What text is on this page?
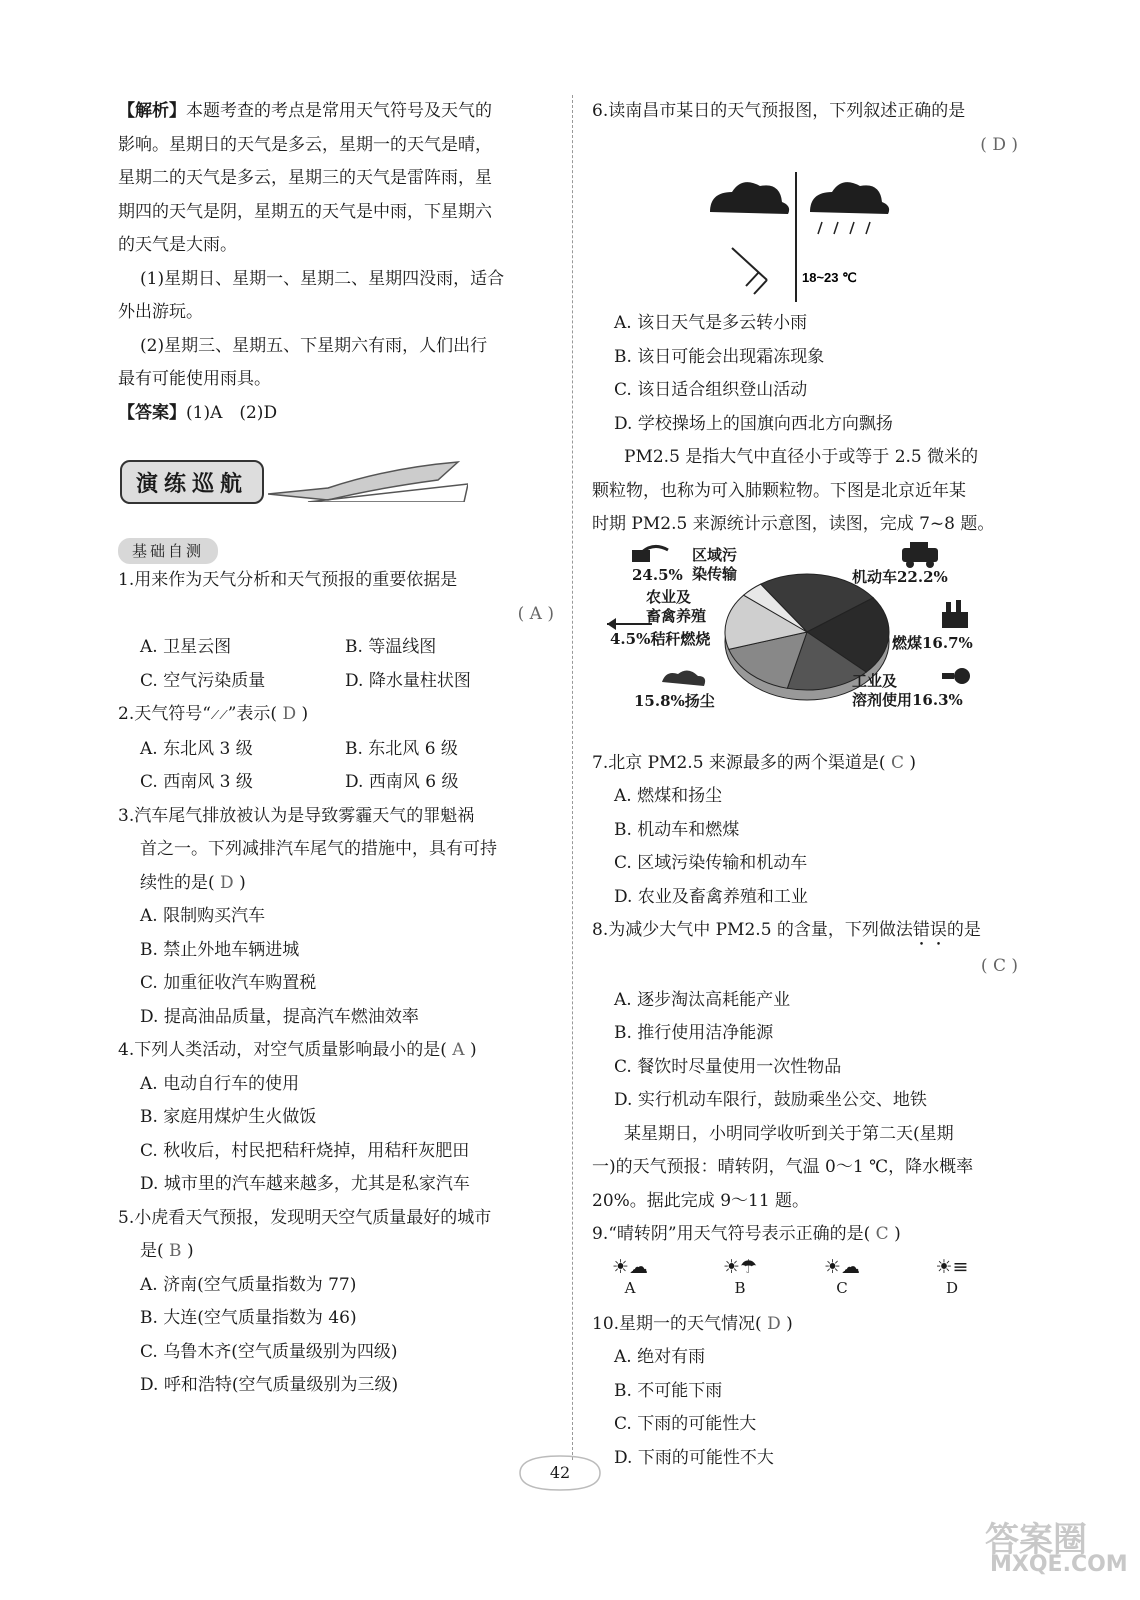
【解析】本题考查的考点是常用天气符号及天气的
影响。星期日的天气是多云，星期一的天气是晴，
星期二的天气是多云，星期三的天气是雷阵雨，星
期四的天气是阴，星期五的天气是中雨，下星期六
的天气是大雨。
(1)星期日、星期一、星期二、星期四没雨，适合
外出游玩。
(2)星期三、星期五、下星期六有雨，人们出行
最有可能使用雨具。
【答案】(1)A　(2)D
演练巡航
基础自测
1.用来作为天气分析和天气预报的重要依据是
( A )

A. 卫星云图	B. 等温线图
C. 空气污染质量	D. 降水量柱状图
2.天气符号“⟋⟋”表示( D )
A. 东北风 3 级	B. 东北风 6 级
C. 西南风 3 级	D. 西南风 6 级
3.汽车尾气排放被认为是导致雾霾天气的罪魁祸
首之一。下列减排汽车尾气的措施中，具有可持
续性的是( D )
A. 限制购买汽车
B. 禁止外地车辆进城
C. 加重征收汽车购置税
D. 提高油品质量，提高汽车燃油效率
4.下列人类活动，对空气质量影响最小的是( A )
A. 电动自行车的使用
B. 家庭用煤炉生火做饭
C. 秋收后，村民把秸秆烧掉，用秸秆灰肥田
D. 城市里的汽车越来越多，尤其是私家汽车
5.小虎看天气预报，发现明天空气质量最好的城市
是( B )
A. 济南(空气质量指数为 77)
B. 大连(空气质量指数为 46)
C. 乌鲁木齐(空气质量级别为四级)
D. 呼和浩特(空气质量级别为三级)
6.读南昌市某日的天气预报图，下列叙述正确的是
( D )

18~23 ℃
A. 该日天气是多云转小雨
B. 该日可能会出现霜冻现象
C. 该日适合组织登山活动
D. 学校操场上的国旗向西北方向飘扬
PM2.5 是指大气中直径小于或等于 2.5 微米的
颗粒物，也称为可入肺颗粒物。下图是北京近年某
时期 PM2.5 来源统计示意图，读图，完成 7~8 题。
区域污
染传输
24.5%	机动车22.2%
燃煤16.7%
农业及
畜禽养殖
4.5%秸秆燃烧
工业及
溶剂使用16.3%
15.8%扬尘
7.北京 PM2.5 来源最多的两个渠道是( C )
A. 燃煤和扬尘
B. 机动车和燃煤
C. 区域污染传输和机动车
D. 农业及畜禽养殖和工业
8.为减少大气中 PM2.5 的含量，下列做法错误的是
( C )

A. 逐步淘汰高耗能产业
B. 推行使用洁净能源
C. 餐饮时尽量使用一次性物品
D. 实行机动车限行，鼓励乘坐公交、地铁
某星期日，小明同学收听到关于第二天(星期
一)的天气预报：晴转阴，气温 0～1 ℃，降水概率
20%。据此完成 9～11 题。
9.“晴转阴”用天气符号表示正确的是( C )
☀☁
A
☀☂
B
☀☁
C
☀≡
D
10.星期一的天气情况( D )
A. 绝对有雨
B. 不可能下雨
C. 下雨的可能性大
D. 下雨的可能性不大
42
答案圈
MXQE.COM
